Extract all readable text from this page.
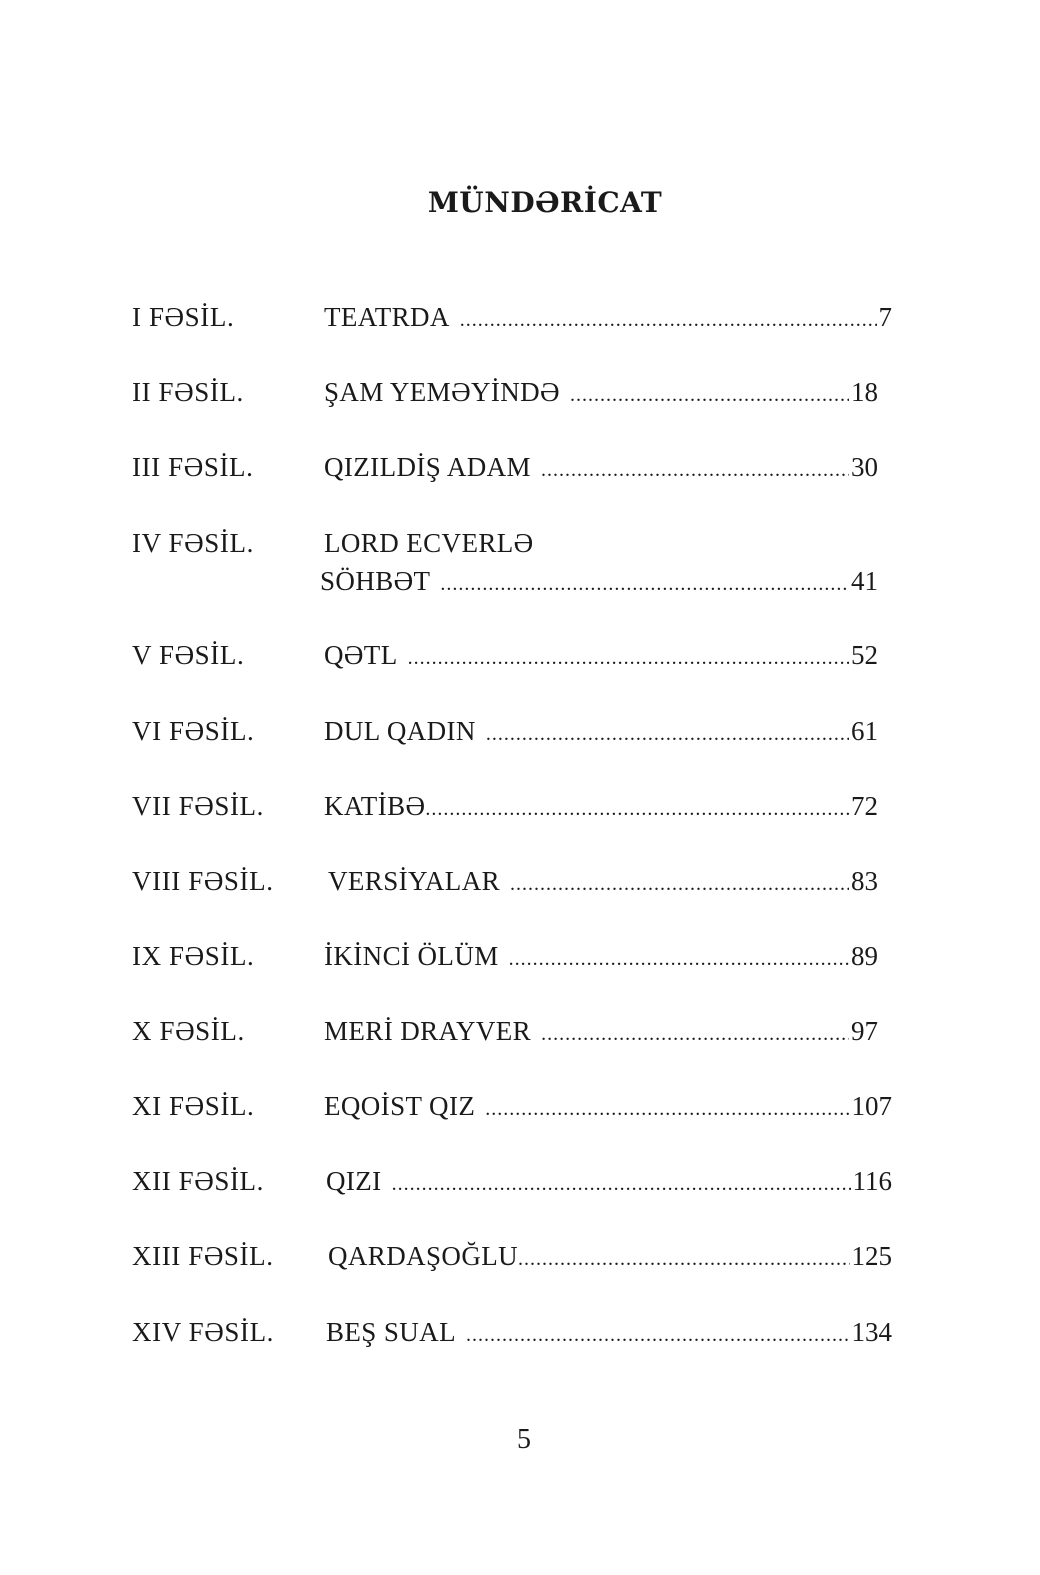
MÜNDƏRİCAT
I FƏSİL.	TEATRDA .....	7
II FƏSİL.	ŞAM YEMƏYİNDƏ .....	18
III FƏSİL.	QIZILDİŞ ADAM .....	30
IV FƏSİL.	LORD ECVERLƏ
SÖHBƏT .....	41
V FƏSİL.	QƏTL .....	52
VI FƏSİL.	DUL QADIN .....	61
VII FƏSİL. KATİBƏ .....	72
VIII FƏSİL. VERSİYALAR .....	83
IX FƏSİL.	İKİNCİ ÖLÜM .....	89
X FƏSİL.	MERİ DRAYVER .....	97
XI FƏSİL.	EQOİST QIZ .....	107
XII FƏSİL. QIZI .....	116
XIII FƏSİL. QARDAŞOĞLU .....	125
XIV FƏSİL. BEŞ SUAL .....	134
5
